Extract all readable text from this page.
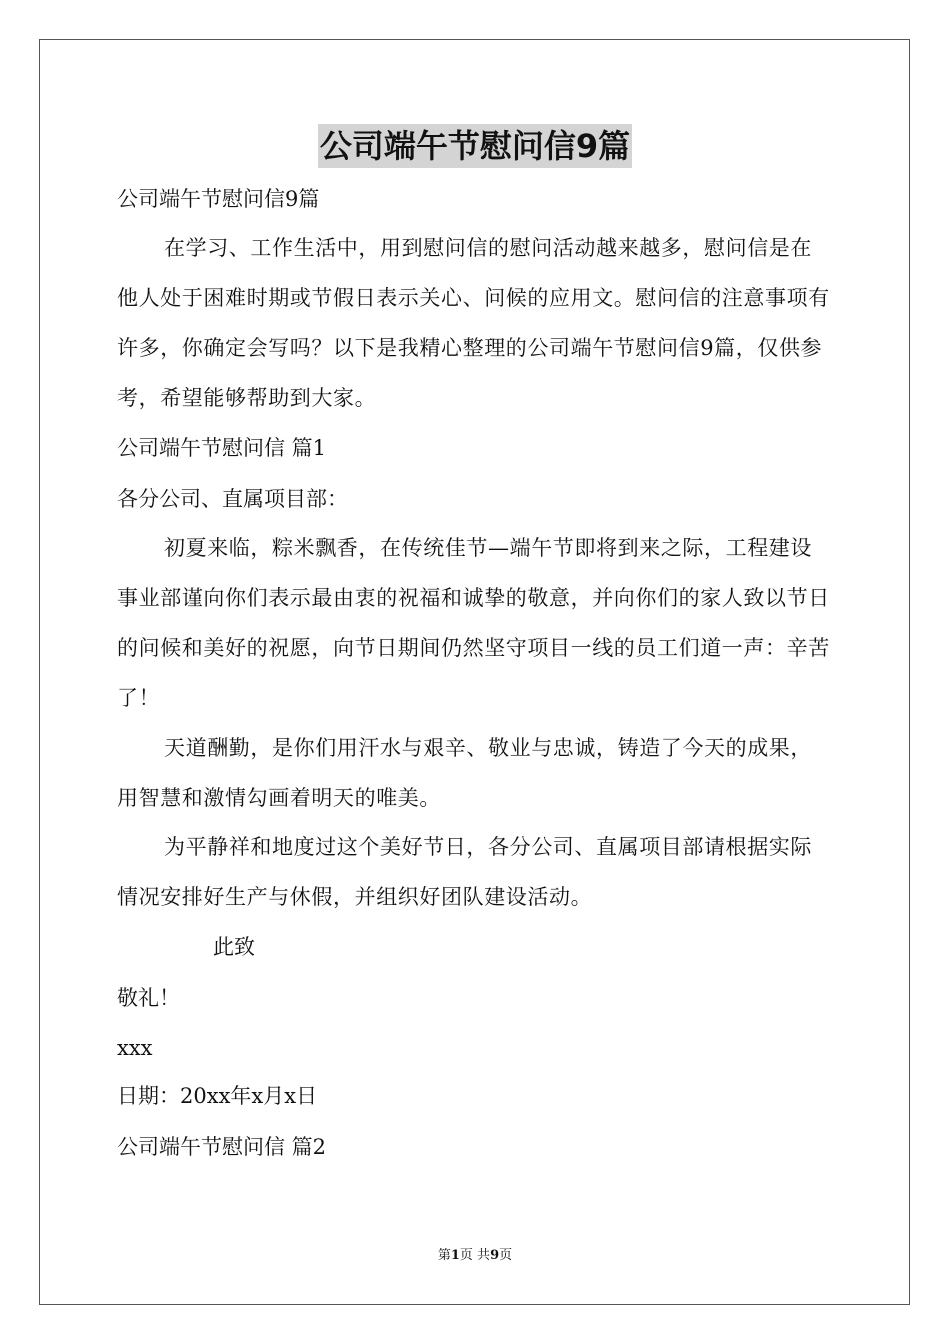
公司端午节慰问信9篇
公司端午节慰问信9篇
在学习、工作生活中，用到慰问信的慰问活动越来越多，慰问信是在他人处于困难时期或节假日表示关心、问候的应用文。慰问信的注意事项有许多，你确定会写吗？以下是我精心整理的公司端午节慰问信9篇，仅供参考，希望能够帮助到大家。
公司端午节慰问信 篇1
各分公司、直属项目部：
初夏来临，粽米飘香，在传统佳节—端午节即将到来之际，工程建设事业部谨向你们表示最由衷的祝福和诚挚的敬意，并向你们的家人致以节日的问候和美好的祝愿，向节日期间仍然坚守项目一线的员工们道一声：辛苦了！
天道酬勤，是你们用汗水与艰辛、敬业与忠诚，铸造了今天的成果，用智慧和激情勾画着明天的唯美。
为平静祥和地度过这个美好节日，各分公司、直属项目部请根据实际情况安排好生产与休假，并组织好团队建设活动。
此致
敬礼！
xxx
日期：20xx年x月x日
公司端午节慰问信 篇2
第1页 共9页
